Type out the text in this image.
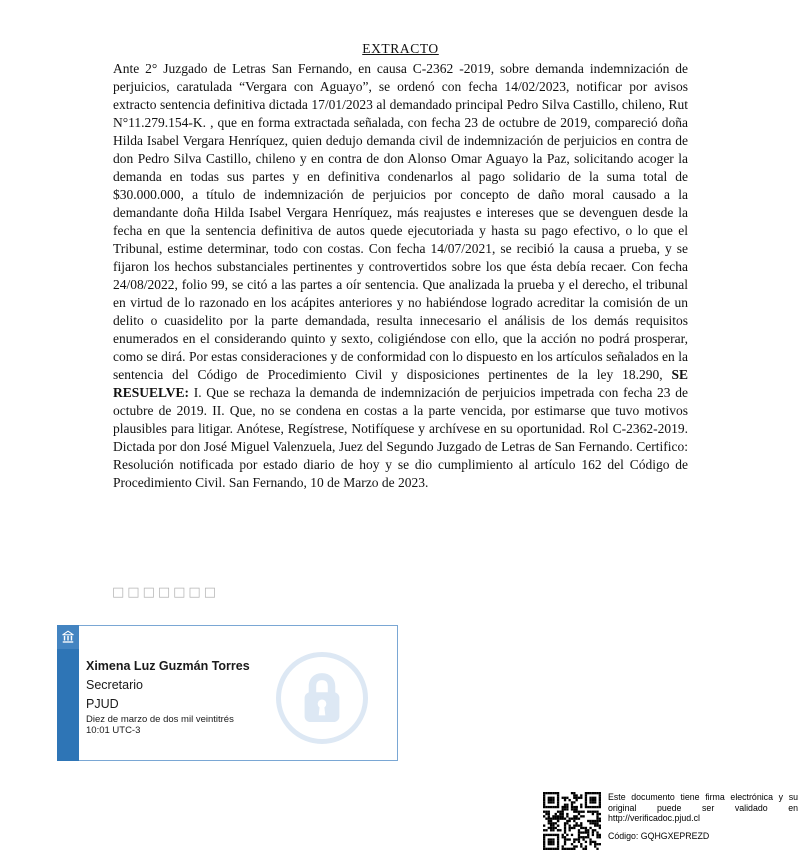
EXTRACTO

Ante 2° Juzgado de Letras San Fernando, en causa C-2362 -2019, sobre demanda indemnización de perjuicios, caratulada “Vergara con Aguayo”, se ordenó con fecha 14/02/2023, notificar por avisos extracto sentencia definitiva dictada 17/01/2023 al demandado principal Pedro Silva Castillo, chileno, Rut N°11.279.154-K. , que en forma extractada señalada, con fecha 23 de octubre de 2019, compareció doña Hilda Isabel Vergara Henríquez, quien dedujo demanda civil de indemnización de perjuicios en contra de don Pedro Silva Castillo, chileno y en contra de don Alonso Omar Aguayo la Paz, solicitando acoger la demanda en todas sus partes y en definitiva condenarlos al pago solidario de la suma total de $30.000.000, a título de indemnización de perjuicios por concepto de daño moral causado a la demandante doña Hilda Isabel Vergara Henríquez, más reajustes e intereses que se devenguen desde la fecha en que la sentencia definitiva de autos quede ejecutoriada y hasta su pago efectivo, o lo que el Tribunal, estime determinar, todo con costas. Con fecha 14/07/2021, se recibió la causa a prueba, y se fijaron los hechos substanciales pertinentes y controvertidos sobre los que ésta debía recaer. Con fecha 24/08/2022, folio 99, se citó a las partes a oír sentencia. Que analizada la prueba y el derecho, el tribunal en virtud de lo razonado en los acápites anteriores y no habiéndose logrado acreditar la comisión de un delito o cuasidelito por la parte demandada, resulta innecesario el análisis de los demás requisitos enumerados en el considerando quinto y sexto, coligiéndose con ello, que la acción no podrá prosperar, como se dirá. Por estas consideraciones y de conformidad con lo dispuesto en los artículos señalados en la sentencia del Código de Procedimiento Civil y disposiciones pertinentes de la ley 18.290, SE RESUELVE: I. Que se rechaza la demanda de indemnización de perjuicios impetrada con fecha 23 de octubre de 2019. II. Que, no se condena en costas a la parte vencida, por estimarse que tuvo motivos plausibles para litigar. Anótese, Regístrese, Notifíquese y archívese en su oportunidad. Rol C-2362-2019. Dictada por don José Miguel Valenzuela, Juez del Segundo Juzgado de Letras de San Fernando. Certifico: Resolución notificada por estado diario de hoy y se dio cumplimiento al artículo 162 del Código de Procedimiento Civil. San Fernando, 10 de Marzo de 2023.

□□□□□□□
Ximena Luz Guzmán Torres
Secretario
PJUD
Diez de marzo de dos mil veintitrés
10:01 UTC-3

Este documento tiene firma electrónica y su original puede ser validado en http://verificadoc.pjud.cl

Código: GQHGXEPREZD
